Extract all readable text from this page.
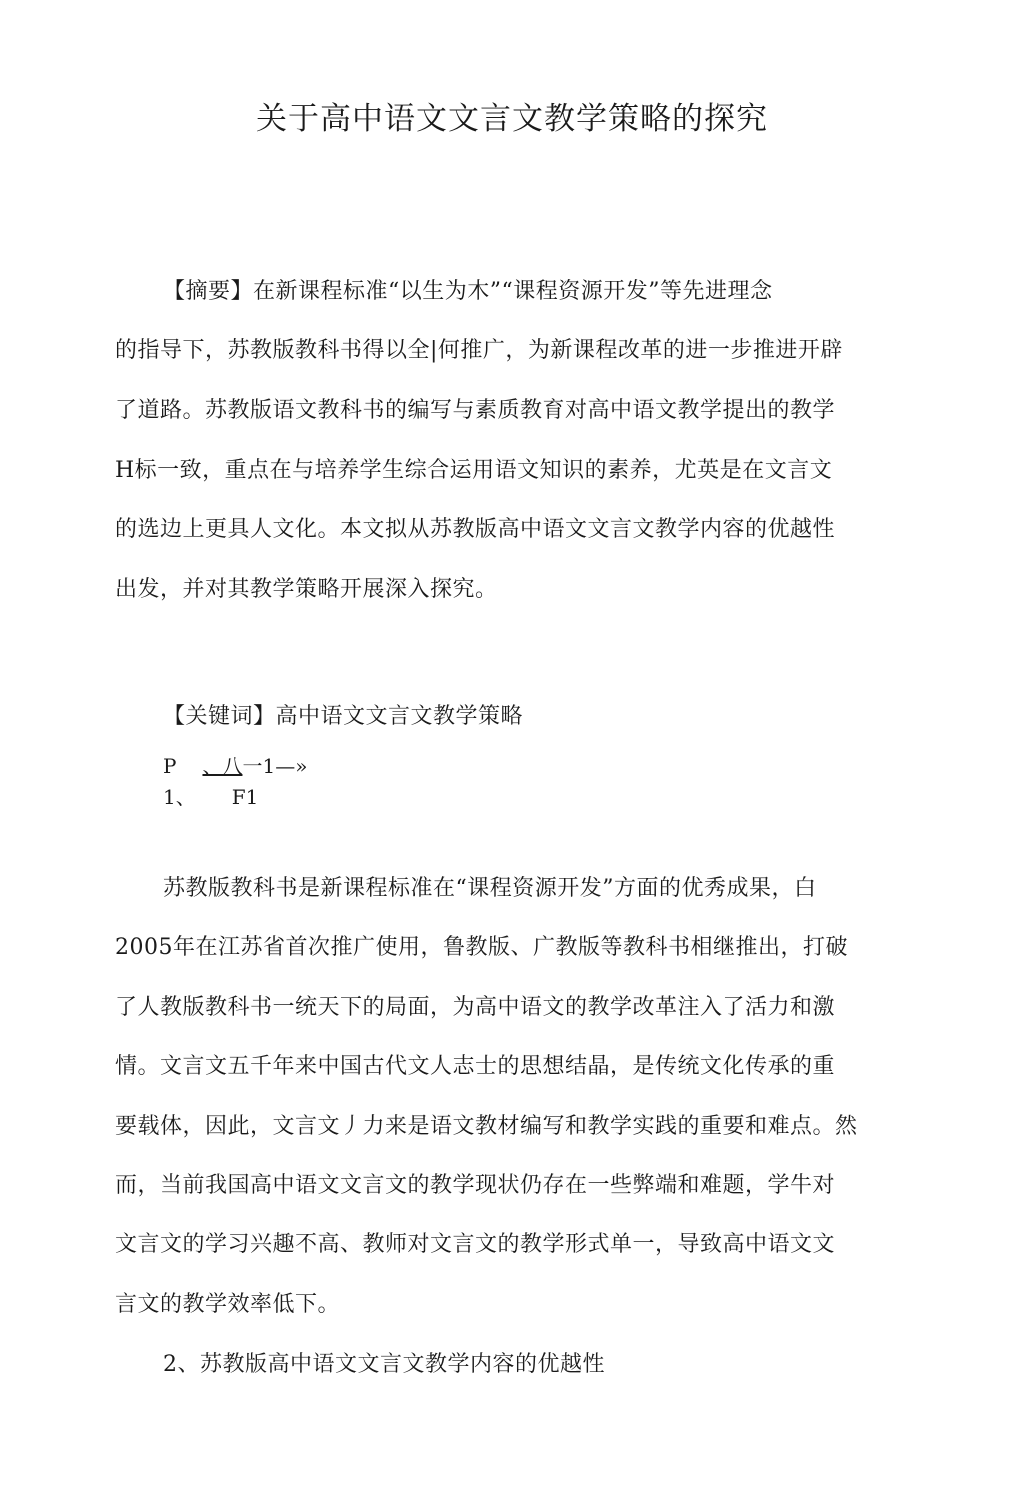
关于高中语文文言文教学策略的探究
【摘要】在新课程标准“以生为木”“课程资源开发”等先进理念
的指导下，苏教版教科书得以全|何推广，为新课程改革的进一步推进开辟
了道路。苏教版语文教科书的编写与素质教育对高中语文教学提出的教学
H标一致，重点在与培养学生综合运用语文知识的素养，尤英是在文言文
的选边上更具人文化。本文拟从苏教版高中语文文言文教学内容的优越性
出发，并对其教学策略开展深入探究。
【关键词】高中语文文言文教学策略
P 、八一1—»
1、 F1
苏教版教科书是新课程标准在“课程资源开发”方面的优秀成果，白
2005年在江苏省首次推广使用，鲁教版、广教版等教科书相继推出，打破
了人教版教科书一统天下的局面，为高中语文的教学改革注入了活力和激
情。文言文五千年来中国古代文人志士的思想结晶，是传统文化传承的重
要载体，因此，文言文丿力来是语文教材编写和教学实践的重要和难点。然
而，当前我国高中语文文言文的教学现状仍存在一些弊端和难题，学牛对
文言文的学习兴趣不高、教师对文言文的教学形式单一，导致高中语文文
言文的教学效率低下。
2、苏教版高中语文文言文教学内容的优越性
